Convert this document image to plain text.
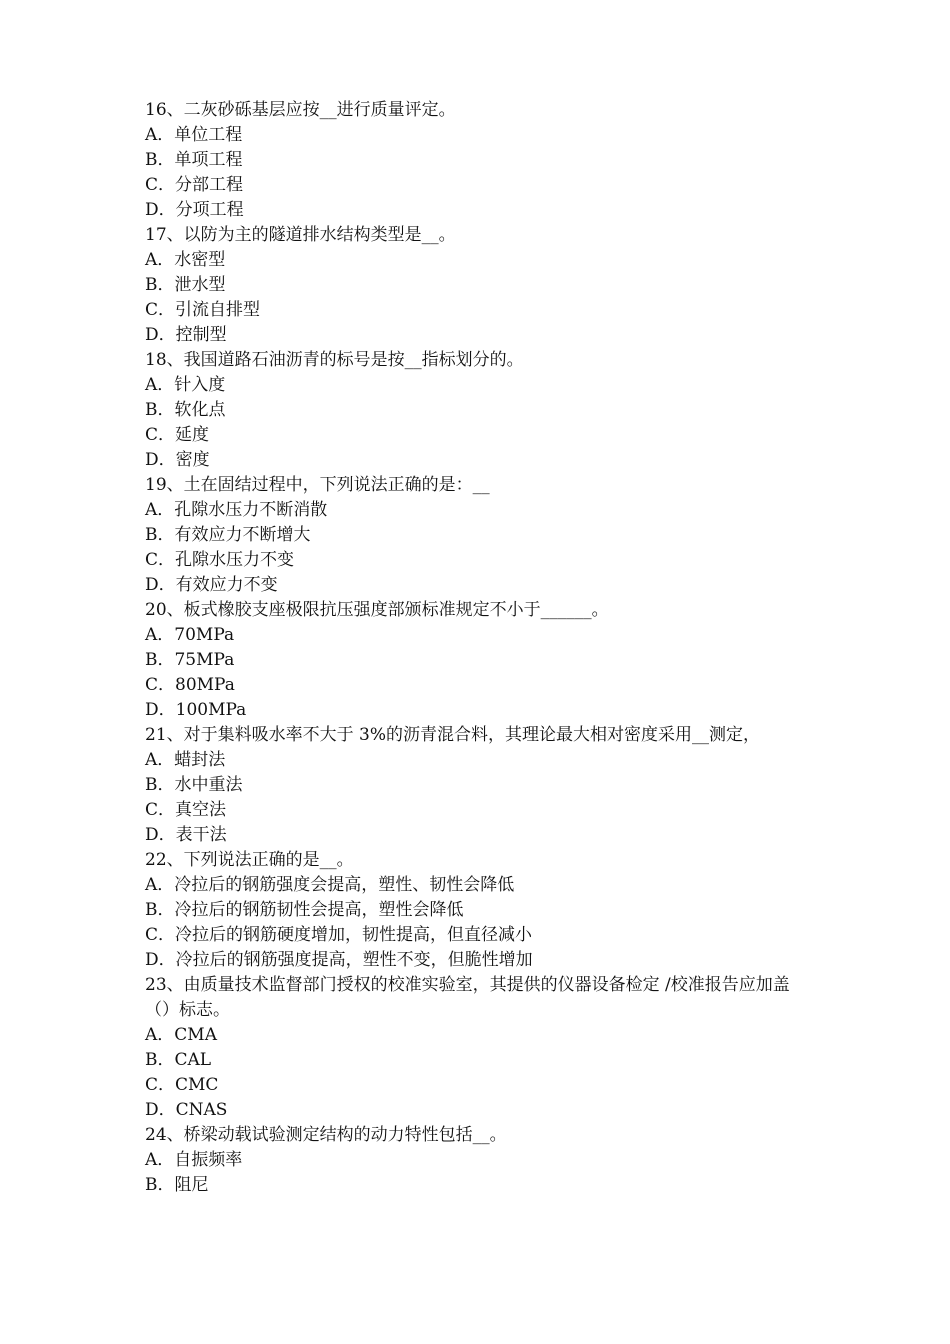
16、二灰砂砾基层应按__进行质量评定。

A．单位工程

B．单项工程

C．分部工程

D．分项工程

17、以防为主的隧道排水结构类型是__。

A．水密型

B．泄水型

C．引流自排型

D．控制型

18、我国道路石油沥青的标号是按__指标划分的。

A．针入度

B．软化点

C．延度

D．密度

19、土在固结过程中，下列说法正确的是：__

A．孔隙水压力不断消散

B．有效应力不断增大

C．孔隙水压力不变

D．有效应力不变

20、板式橡胶支座极限抗压强度部颁标准规定不小于______。

A．70MPa

B．75MPa

C．80MPa

D．100MPa

21、对于集料吸水率不大于 3%的沥青混合料，其理论最大相对密度采用__测定，

A．蜡封法

B．水中重法

C．真空法

D．表干法

22、下列说法正确的是__。

A．冷拉后的钢筋强度会提高，塑性、韧性会降低

B．冷拉后的钢筋韧性会提高，塑性会降低

C．冷拉后的钢筋硬度增加，韧性提高，但直径减小

D．冷拉后的钢筋强度提高，塑性不变，但脆性增加

23、由质量技术监督部门授权的校准实验室，其提供的仪器设备检定 /校准报告应加盖（）标志。

A．CMA

B．CAL

C．CMC

D．CNAS

24、桥梁动载试验测定结构的动力特性包括__。

A．自振频率

B．阻尼
